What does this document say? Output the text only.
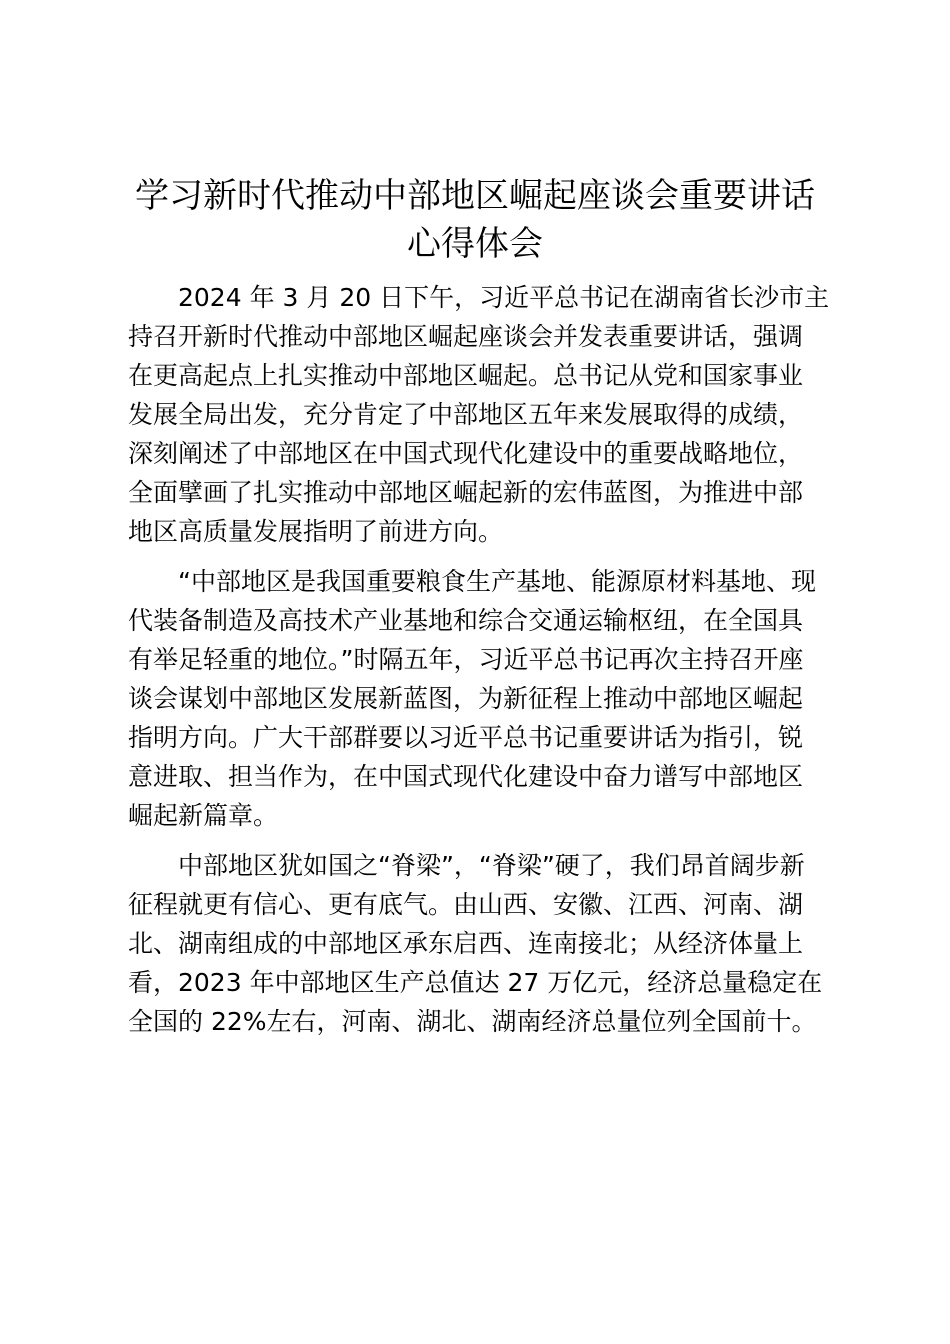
学习新时代推动中部地区崛起座谈会重要讲话
心得体会
2024 年 3 月 20 日下午，习近平总书记在湖南省长沙市主
持召开新时代推动中部地区崛起座谈会并发表重要讲话，强调
在更高起点上扎实推动中部地区崛起。总书记从党和国家事业
发展全局出发，充分肯定了中部地区五年来发展取得的成绩，
深刻阐述了中部地区在中国式现代化建设中的重要战略地位，
全面擘画了扎实推动中部地区崛起新的宏伟蓝图，为推进中部
地区高质量发展指明了前进方向。
“中部地区是我国重要粮食生产基地、能源原材料基地、现
代装备制造及高技术产业基地和综合交通运输枢纽，在全国具
有举足轻重的地位。”时隔五年，习近平总书记再次主持召开座
谈会谋划中部地区发展新蓝图，为新征程上推动中部地区崛起
指明方向。广大干部群要以习近平总书记重要讲话为指引，锐
意进取、担当作为，在中国式现代化建设中奋力谱写中部地区
崛起新篇章。
中部地区犹如国之“脊梁”，“脊梁”硬了，我们昂首阔步新
征程就更有信心、更有底气。由山西、安徽、江西、河南、湖
北、湖南组成的中部地区承东启西、连南接北；从经济体量上
看，2023 年中部地区生产总值达 27 万亿元，经济总量稳定在
全国的 22%左右，河南、湖北、湖南经济总量位列全国前十。
